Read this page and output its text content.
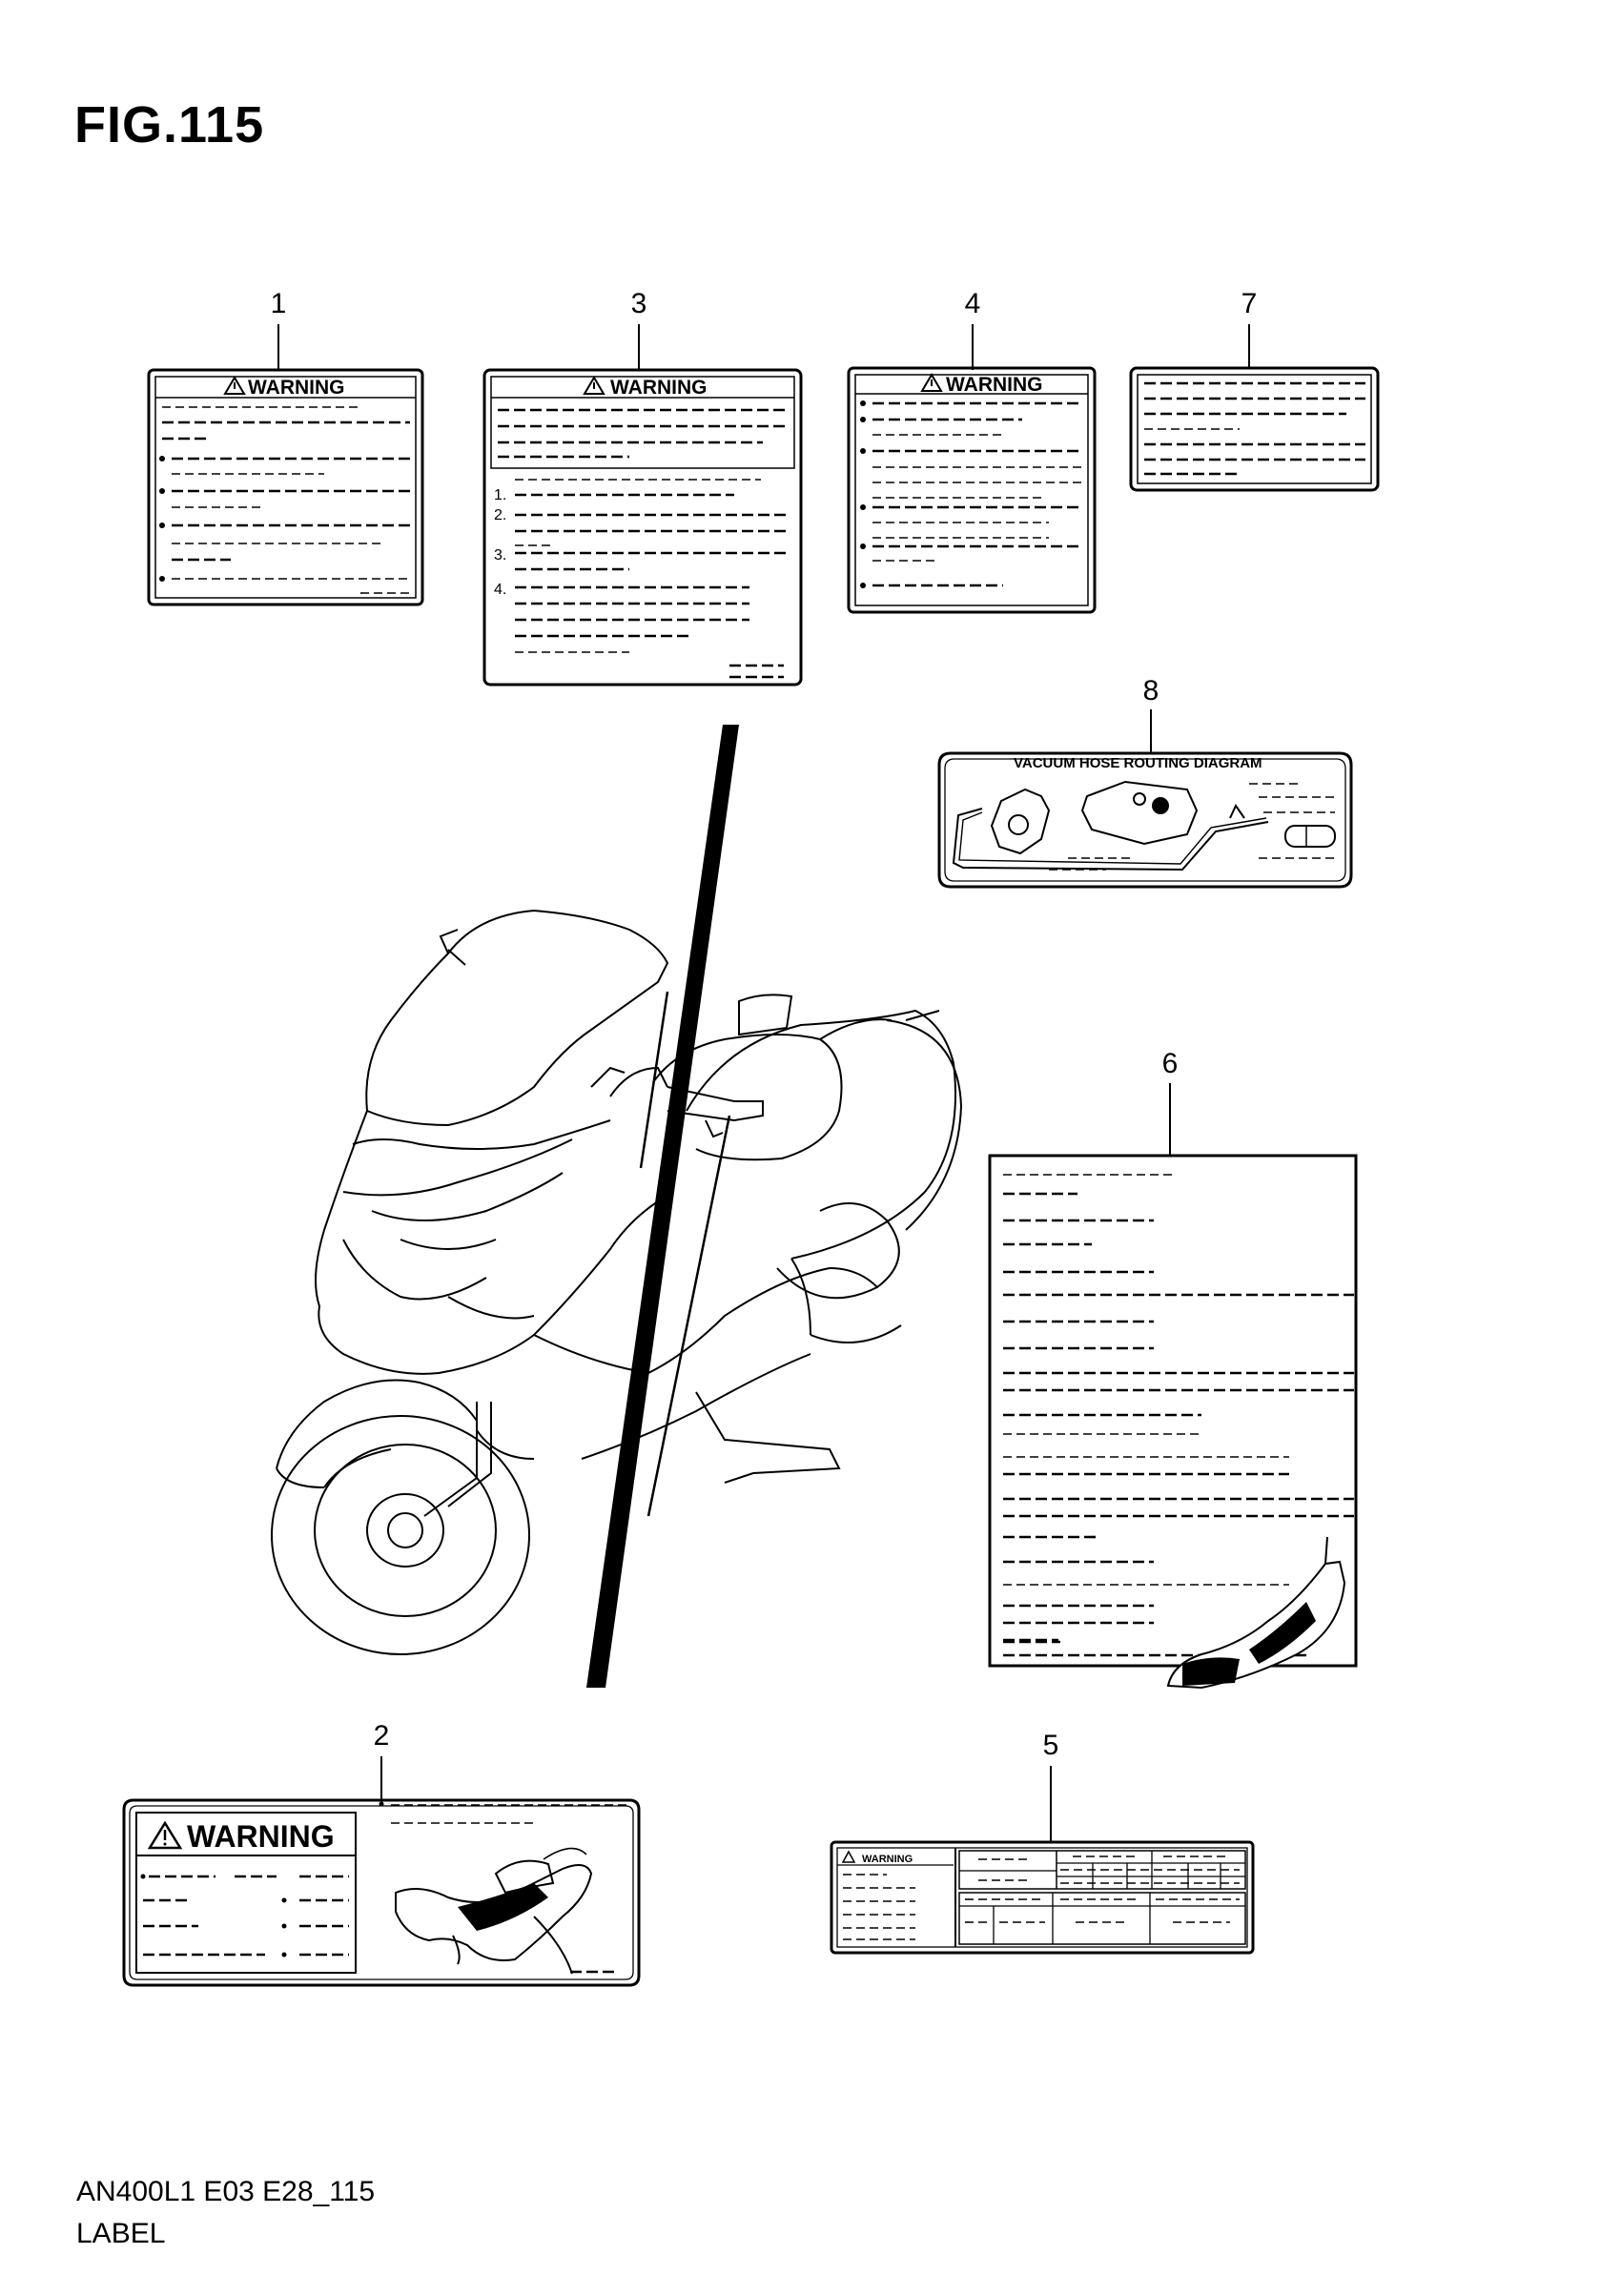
FIG.115
1
WARNING
3
WARNING
1.
2.
3.
4.
4
WARNING
7
8
VACUUM HOSE ROUTING DIAGRAM
6
2
WARNING
5
WARNING
AN400L1 E03 E28_115
LABEL
